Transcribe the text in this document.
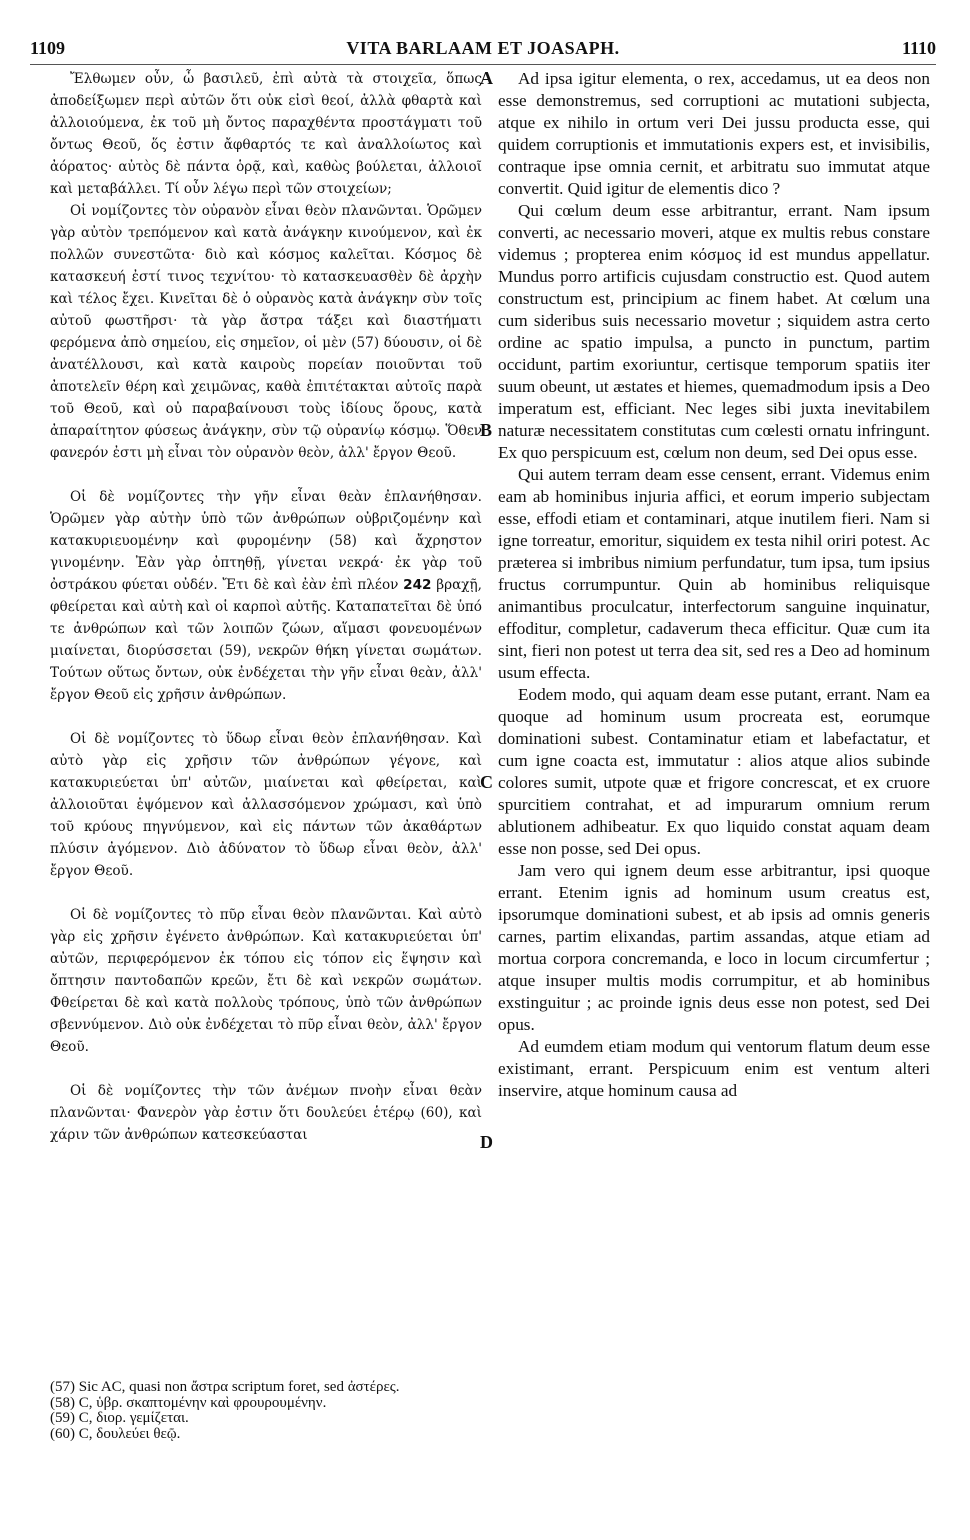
1109	VITA BARLAAM ET JOASAPH.	1110

Ἔλθωμεν οὖν, ὦ βασιλεῦ, ἐπὶ αὐτὰ τὰ στοιχεῖα, ὅπως ἀποδείξωμεν περὶ αὐτῶν ὅτι οὐκ εἰσὶ θεοί, ἀλλὰ φθαρτὰ καὶ ἀλλοιούμενα, ἐκ τοῦ μὴ ὄντος παραχθέντα προστάγματι τοῦ ὄντως Θεοῦ, ὅς ἐστιν ἄφθαρτός τε καὶ ἀναλλοίωτος καὶ ἀόρατος· αὐτὸς δὲ πάντα ὁρᾷ, καὶ, καθὼς βούλεται, ἀλλοιοῖ καὶ μεταβάλλει. Τί οὖν λέγω περὶ τῶν στοιχείων;

Οἱ νομίζοντες τὸν οὐρανὸν εἶναι θεὸν πλανῶνται. Ὁρῶμεν γὰρ αὐτὸν τρεπόμενον καὶ κατὰ ἀνάγκην κινούμενον, καὶ ἐκ πολλῶν συνεστῶτα· διὸ καὶ κόσμος καλεῖται. Κόσμος δὲ κατασκευή ἐστί τινος τεχνίτου· τὸ κατασκευασθὲν δὲ ἀρχὴν καὶ τέλος ἔχει. Κινεῖται δὲ ὁ οὐρανὸς κατὰ ἀνάγκην σὺν τοῖς αὐτοῦ φωστῆρσι· τὰ γὰρ ἄστρα τάξει καὶ διαστήματι φερόμενα ἀπὸ σημείου, εἰς σημεῖον, οἱ μὲν (57) δύουσιν, οἱ δὲ ἀνατέλλουσι, καὶ κατὰ καιροὺς πορείαν ποιοῦνται τοῦ ἀποτελεῖν θέρη καὶ χειμῶνας, καθὰ ἐπιτέτακται αὐτοῖς παρὰ τοῦ Θεοῦ, καὶ οὐ παραβαίνουσι τοὺς ἰδίους ὅρους, κατὰ ἀπαραίτητον φύσεως ἀνάγκην, σὺν τῷ οὐρανίῳ κόσμῳ. Ὅθεν φανερόν ἐστι μὴ εἶναι τὸν οὐρανὸν θεὸν, ἀλλ' ἔργον Θεοῦ.

Οἱ δὲ νομίζοντες τὴν γῆν εἶναι θεὰν ἐπλανήθησαν. Ὁρῶμεν γὰρ αὐτὴν ὑπὸ τῶν ἀνθρώπων οὐβριζομένην καὶ κατακυριευομένην καὶ φυρομένην (58) καὶ ἄχρηστον γινομένην. Ἐὰν γὰρ ὀπτηθῇ, γίνεται νεκρά· ἐκ γὰρ τοῦ ὀστράκου φύεται οὐδέν. Ἔτι δὲ καὶ ἐὰν ἐπὶ πλέον 242 βραχῇ, φθείρεται καὶ αὐτὴ καὶ οἱ καρποὶ αὐτῆς. Καταπατεῖται δὲ ὑπό τε ἀνθρώπων καὶ τῶν λοιπῶν ζώων, αἵμασι φονευομένων μιαίνεται, διορύσσεται (59), νεκρῶν θήκη γίνεται σωμάτων. Τούτων οὕτως ὄντων, οὐκ ἐνδέχεται τὴν γῆν εἶναι θεὰν, ἀλλ' ἔργον Θεοῦ εἰς χρῆσιν ἀνθρώπων.

Οἱ δὲ νομίζοντες τὸ ὕδωρ εἶναι θεὸν ἐπλανήθησαν. Καὶ αὐτὸ γὰρ εἰς χρῆσιν τῶν ἀνθρώπων γέγονε, καὶ κατακυριεύεται ὑπ' αὐτῶν, μιαίνεται καὶ φθείρεται, καὶ ἀλλοιοῦται ἑψόμενον καὶ ἀλλασσόμενον χρώμασι, καὶ ὑπὸ τοῦ κρύους πηγνύμενον, καὶ εἰς πάντων τῶν ἀκαθάρτων πλύσιν ἀγόμενον. Διὸ ἀδύνατον τὸ ὕδωρ εἶναι θεὸν, ἀλλ' ἔργον Θεοῦ.

Οἱ δὲ νομίζοντες τὸ πῦρ εἶναι θεὸν πλανῶνται. Καὶ αὐτὸ γὰρ εἰς χρῆσιν ἐγένετο ἀνθρώπων. Καὶ κατακυριεύεται ὑπ' αὐτῶν, περιφερόμενον ἐκ τόπου εἰς τόπον εἰς ἕψησιν καὶ ὄπτησιν παντοδαπῶν κρεῶν, ἔτι δὲ καὶ νεκρῶν σωμάτων. Φθείρεται δὲ καὶ κατὰ πολλοὺς τρόπους, ὑπὸ τῶν ἀνθρώπων σβεννύμενον. Διὸ οὐκ ἐνδέχεται τὸ πῦρ εἶναι θεὸν, ἀλλ' ἔργον Θεοῦ.

Οἱ δὲ νομίζοντες τὴν τῶν ἀνέμων πνοὴν εἶναι θεὰν πλανῶνται· Φανερὸν γὰρ ἐστιν ὅτι δουλεύει ἑτέρῳ (60), καὶ χάριν τῶν ἀνθρώπων κατεσκεύασται

Ad ipsa igitur elementa, o rex, accedamus, ut ea deos non esse demonstremus, sed corruptioni ac mutationi subjecta, atque ex nihilo in ortum veri Dei jussu producta esse, qui quidem corruptionis et immutationis expers est, et invisibilis, contraque ipse omnia cernit, et arbitratu suo immutat atque convertit. Quid igitur de elementis dico ?

Qui cœlum deum esse arbitrantur, errant. Nam ipsum converti, ac necessario moveri, atque ex multis rebus constare videmus ; propterea enim κόσμος id est mundus appellatur. Mundus porro artificis cujusdam constructio est. Quod autem constructum est, principium ac finem habet. At cœlum una cum sideribus suis necessario movetur ; siquidem astra certo ordine ac spatio impulsa, a puncto in punctum, partim occidunt, partim exoriuntur, certisque temporum spatiis iter suum obeunt, ut æstates et hiemes, quemadmodum ipsis a Deo imperatum est, efficiant. Nec leges sibi juxta inevitabilem naturæ necessitatem constitutas cum cœlesti ornatu infringunt. Ex quo perspicuum est, cœlum non deum, sed Dei opus esse.

Qui autem terram deam esse censent, errant. Videmus enim eam ab hominibus injuria affici, et eorum imperio subjectam esse, effodi etiam et contaminari, atque inutilem fieri. Nam si igne torreatur, emoritur, siquidem ex testa nihil oriri potest. Ac præterea si imbribus nimium perfundatur, tum ipsa, tum ipsius fructus corrumpuntur. Quin ab hominibus reliquisque animantibus proculcatur, interfectorum sanguine inquinatur, effoditur, completur, cadaverum theca efficitur. Quæ cum ita sint, fieri non potest ut terra dea sit, sed res a Deo ad hominum usum effecta.

Eodem modo, qui aquam deam esse putant, errant. Nam ea quoque ad hominum usum procreata est, eorumque dominationi subest. Contaminatur etiam et labefactatur, et cum igne coacta est, immutatur : alios atque alios subinde colores sumit, utpote quæ et frigore concrescat, et ex cruore spurcitiem contrahat, et ad impurarum omnium rerum ablutionem adhibeatur. Ex quo liquido constat aquam deam esse non posse, sed Dei opus.

Jam vero qui ignem deum esse arbitrantur, ipsi quoque errant. Etenim ignis ad hominum usum creatus est, ipsorumque dominationi subest, et ab ipsis ad omnis generis carnes, partim elixandas, partim assandas, atque etiam ad mortua corpora concremanda, e loco in locum circumfertur ; atque insuper multis modis corrumpitur, et ab hominibus exstinguitur ; ac proinde ignis deus esse non potest, sed Dei opus.

Ad eumdem etiam modum qui ventorum flatum deum esse existimant, errant. Perspicuum enim est ventum alteri inservire, atque hominum causa ad

A
B
C
D
(57) Sic AC, quasi non ἄστρα scriptum foret, sed ἀστέρες.
(58) C, ὑβρ. σκαπτομένην καὶ φρουρουμένην.
(59) C, διορ. γεμίζεται.
(60) C, δουλεύει θεῷ.
